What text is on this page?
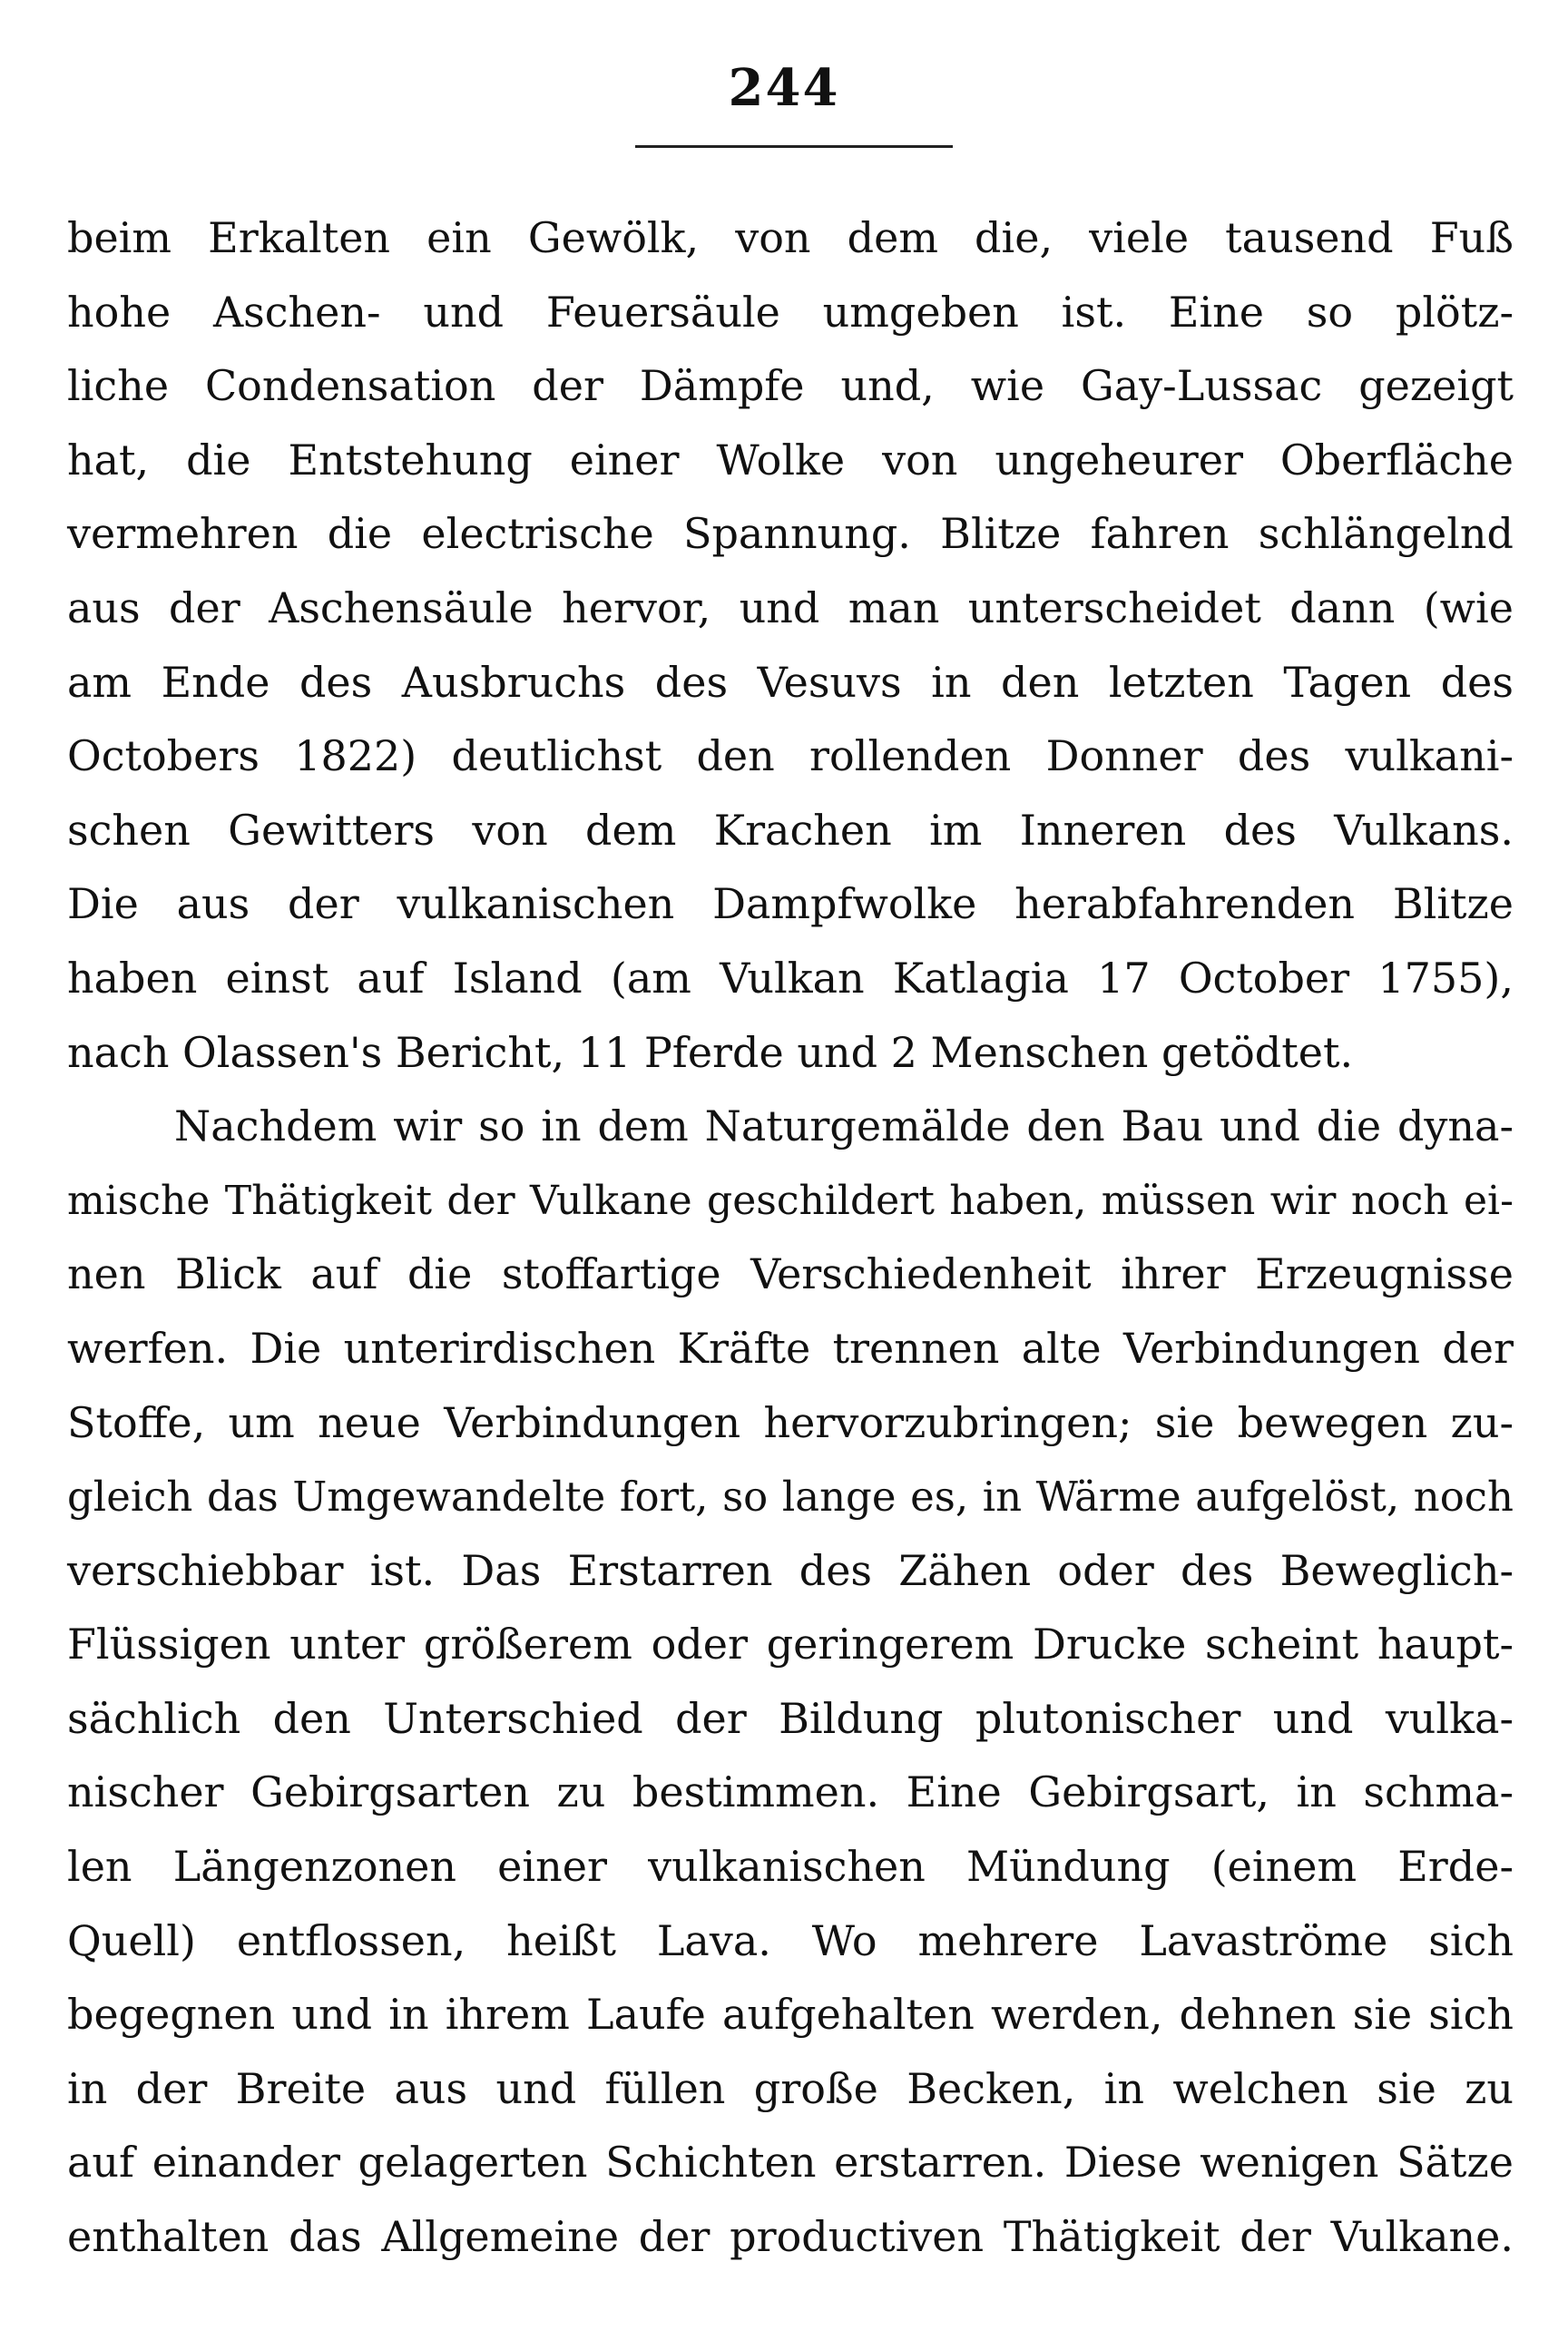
244
beim Erkalten ein Gewölk, von dem die, viele tausend Fuß
hohe Aschen- und Feuersäule umgeben ist. Eine so plötz-
liche Condensation der Dämpfe und, wie Gay-Lussac gezeigt
hat, die Entstehung einer Wolke von ungeheurer Oberfläche
vermehren die electrische Spannung. Blitze fahren schlängelnd
aus der Aschensäule hervor, und man unterscheidet dann (wie
am Ende des Ausbruchs des Vesuvs in den letzten Tagen des
Octobers 1822) deutlichst den rollenden Donner des vulkani-
schen Gewitters von dem Krachen im Inneren des Vulkans.
Die aus der vulkanischen Dampfwolke herabfahrenden Blitze
haben einst auf Island (am Vulkan Katlagia 17 October 1755),
nach Olassen's Bericht, 11 Pferde und 2 Menschen getödtet.
Nachdem wir so in dem Naturgemälde den Bau und die dyna-
mische Thätigkeit der Vulkane geschildert haben, müssen wir noch ei-
nen Blick auf die stoffartige Verschiedenheit ihrer Erzeugnisse
werfen. Die unterirdischen Kräfte trennen alte Verbindungen der
Stoffe, um neue Verbindungen hervorzubringen; sie bewegen zu-
gleich das Umgewandelte fort, so lange es, in Wärme aufgelöst, noch
verschiebbar ist. Das Erstarren des Zähen oder des Beweglich-
Flüssigen unter größerem oder geringerem Drucke scheint haupt-
sächlich den Unterschied der Bildung plutonischer und vulka-
nischer Gebirgsarten zu bestimmen. Eine Gebirgsart, in schma-
len Längenzonen einer vulkanischen Mündung (einem Erde-
Quell) entflossen, heißt Lava. Wo mehrere Lavaströme sich
begegnen und in ihrem Laufe aufgehalten werden, dehnen sie sich
in der Breite aus und füllen große Becken, in welchen sie zu
auf einander gelagerten Schichten erstarren. Diese wenigen Sätze
enthalten das Allgemeine der productiven Thätigkeit der Vulkane.
